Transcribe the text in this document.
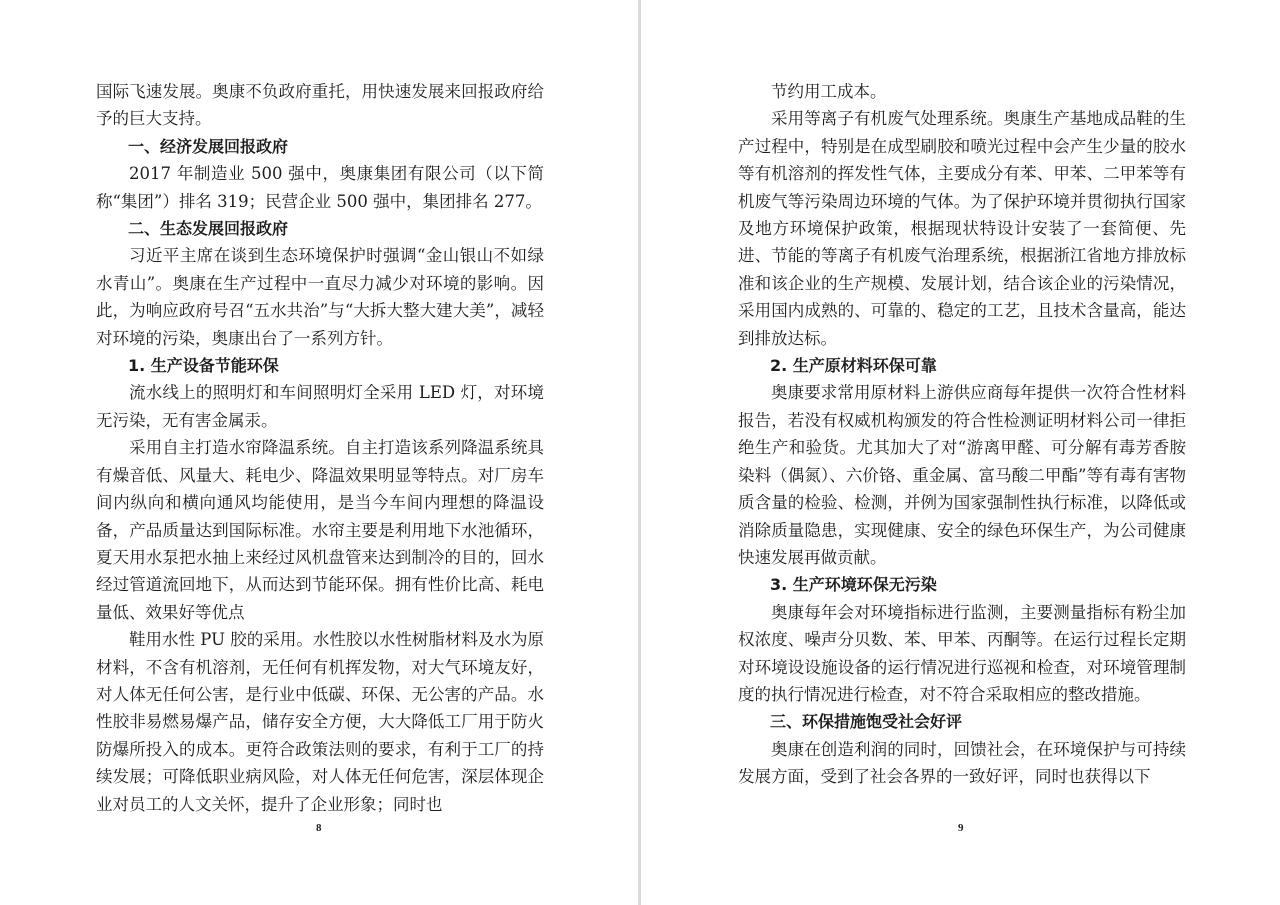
国际飞速发展。奥康不负政府重托，用快速发展来回报政府给予的巨大支持。

一、经济发展回报政府

2017 年制造业 500 强中，奥康集团有限公司（以下简称“集团”）排名 319；民营企业 500 强中，集团排名 277。

二、生态发展回报政府

习近平主席在谈到生态环境保护时强调“金山银山不如绿水青山”。奥康在生产过程中一直尽力减少对环境的影响。因此，为响应政府号召“五水共治”与“大拆大整大建大美”，减轻对环境的污染，奥康出台了一系列方针。

1. 生产设备节能环保

流水线上的照明灯和车间照明灯全采用 LED 灯，对环境无污染，无有害金属汞。

采用自主打造水帘降温系统。自主打造该系列降温系统具有燥音低、风量大、耗电少、降温效果明显等特点。对厂房车间内纵向和横向通风均能使用，是当今车间内理想的降温设备，产品质量达到国际标准。水帘主要是利用地下水池循环，夏天用水泵把水抽上来经过风机盘管来达到制冷的目的，回水经过管道流回地下，从而达到节能环保。拥有性价比高、耗电量低、效果好等优点

鞋用水性 PU 胶的采用。水性胶以水性树脂材料及水为原材料，不含有机溶剂，无任何有机挥发物，对大气环境友好，对人体无任何公害，是行业中低碳、环保、无公害的产品。水性胶非易燃易爆产品，储存安全方便，大大降低工厂用于防火防爆所投入的成本。更符合政策法则的要求，有利于工厂的持续发展；可降低职业病风险，对人体无任何危害，深层体现企业对员工的人文关怀，提升了企业形象；同时也

8

节约用工成本。

采用等离子有机废气处理系统。奥康生产基地成品鞋的生产过程中，特别是在成型刷胶和喷光过程中会产生少量的胶水等有机溶剂的挥发性气体，主要成分有苯、甲苯、二甲苯等有机废气等污染周边环境的气体。为了保护环境并贯彻执行国家及地方环境保护政策，根据现状特设计安装了一套简便、先进、节能的等离子有机废气治理系统，根据浙江省地方排放标准和该企业的生产规模、发展计划，结合该企业的污染情况，采用国内成熟的、可靠的、稳定的工艺，且技术含量高，能达到排放达标。

2. 生产原材料环保可靠

奥康要求常用原材料上游供应商每年提供一次符合性材料报告，若没有权威机构颁发的符合性检测证明材料公司一律拒绝生产和验货。尤其加大了对“游离甲醛、可分解有毒芳香胺染料（偶氮）、六价铬、重金属、富马酸二甲酯”等有毒有害物质含量的检验、检测，并例为国家强制性执行标准，以降低或消除质量隐患，实现健康、安全的绿色环保生产，为公司健康快速发展再做贡献。

3. 生产环境环保无污染

奥康每年会对环境指标进行监测，主要测量指标有粉尘加权浓度、噪声分贝数、苯、甲苯、丙酮等。在运行过程长定期对环境设设施设备的运行情况进行巡视和检查，对环境管理制度的执行情况进行检查，对不符合采取相应的整改措施。

三、环保措施饱受社会好评

奥康在创造利润的同时，回馈社会，在环境保护与可持续发展方面，受到了社会各界的一致好评，同时也获得以下

9
